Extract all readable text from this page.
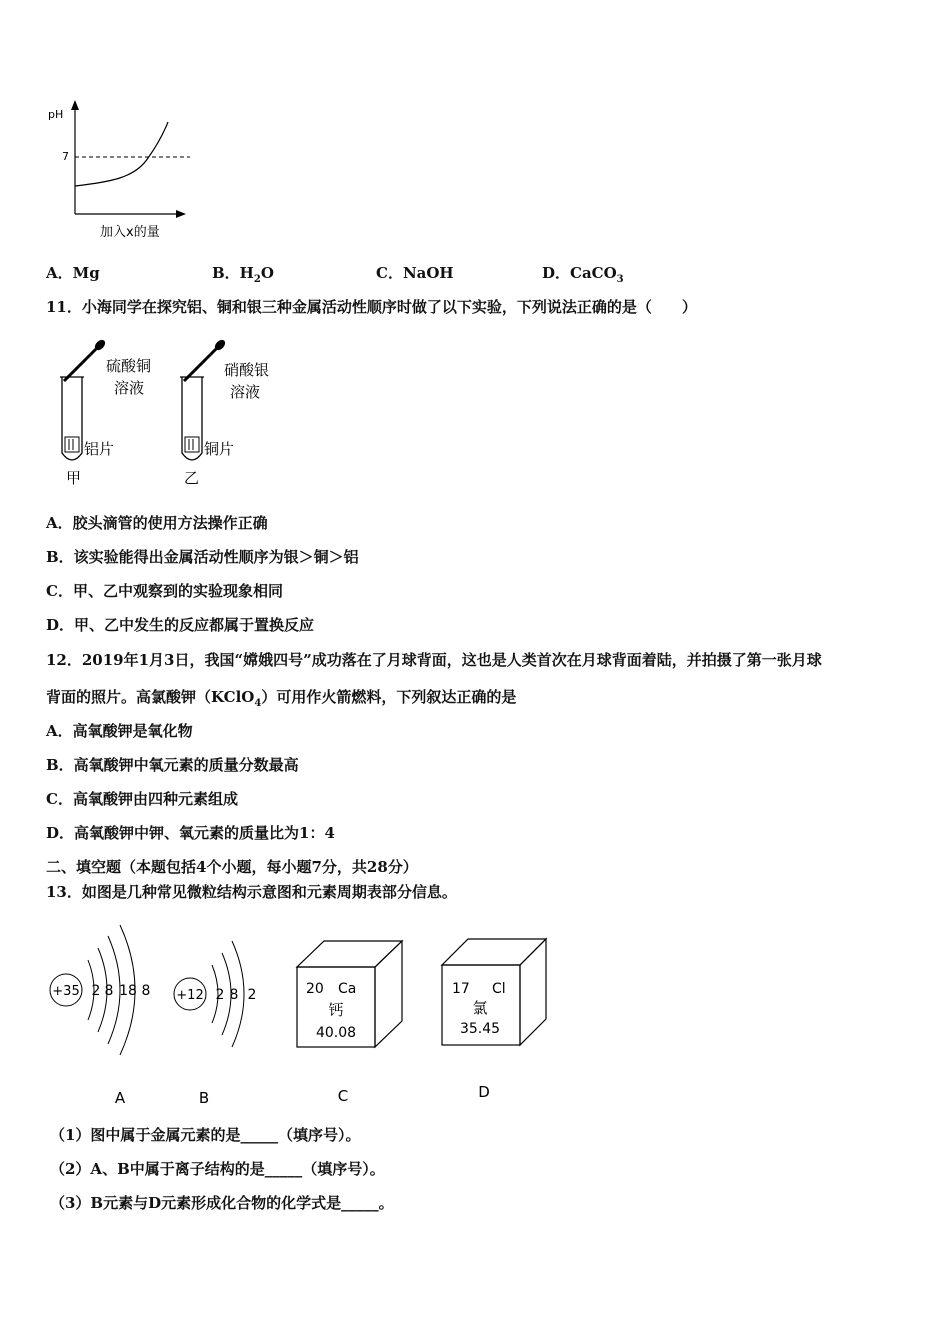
pH
7
加入x的量
A．Mg	B．$H_2O$	C．NaOH	D．CaCO$_3$
11．小海同学在探究铝、铜和银三种金属活动性顺序时做了以下实验，下列说法正确的是（　　）
硫酸铜
溶液
铝片
甲
硝酸银
溶液
铜片
乙
A．胶头滴管的使用方法操作正确
B．该实验能得出金属活动性顺序为银＞铜＞铝
C．甲、乙中观察到的实验现象相同
D．甲、乙中发生的反应都属于置换反应
12．2019年1月3日，我国“嫦娥四号”成功落在了月球背面，这也是人类首次在月球背面着陆，并拍摄了第一张月球
背面的照片。高氯酸钾（KClO$_4$）可用作火箭燃料，下列叙达正确的是
A．高氧酸钾是氧化物
B．高氧酸钾中氧元素的质量分数最高
C．高氧酸钾由四种元素组成
D．高氧酸钾中钾、氧元素的质量比为1：4
二、填空题（本题包括4个小题，每小题7分，共28分）
13．如图是几种常见微粒结构示意图和元素周期表部分信息。
+35 2 8 18 8
A
+12 2 8 2
B
20 Ca
钙
40.08
C
17 Cl
氯
35.45
D
（1）图中属于金属元素的是_____（填序号）。
（2）A、B中属于离子结构的是_____（填序号）。
（3）B元素与D元素形成化合物的化学式是_____。
